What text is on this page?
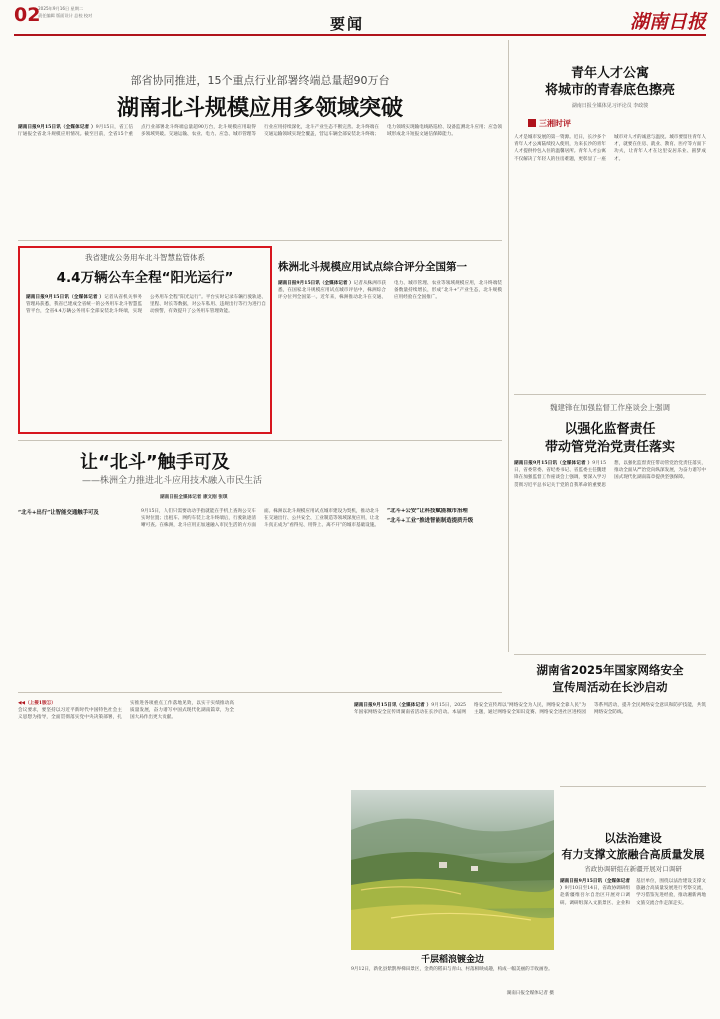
02
2025年9月16日 星期二
责任编辑 版面设计 总校 校对	要闻	湖南日报
部省协同推进，15个重点行业部署终端总量超90万台
湖南北斗规模应用多领域突破
湖南日报9月15日讯（全媒体记者 ）9月15日，省工信厅通报全省北斗规模应用情况。截至目前，全省15个重点行业部署北斗终端总量超90万台，北斗规模应用取得多领域突破。交通运输、农业、电力、应急、城市管理等行业应用持续深化，北斗产业生态不断完善。北斗终端在交通运输领域实现全覆盖，营运车辆全部安装北斗终端；电力领域实现输电线路巡检、设备监测北斗应用；应急领域形成北斗短报文通信保障能力。
我省建成公务用车北斗智慧监管体系
4.4万辆公车全程“阳光运行”
湖南日报9月15日讯（全媒体记者 ）记者从省机关事务管理局获悉，我省已建成全省统一的公务用车北斗智慧监管平台，全省4.4万辆公务用车全部安装北斗终端，实现公务用车全程“阳光运行”。平台实时记录车辆行驶轨迹、里程、时长等数据，对公车私用、违规出行等行为进行自动预警，有效提升了公务用车管理效能。
株洲北斗规模应用试点综合评分全国第一
湖南日报9月15日讯（全媒体记者 ）记者从株洲市获悉，在国家北斗规模应用试点城市评估中，株洲综合评分位列全国第一。近年来，株洲推动北斗在交通、电力、城市管理、农业等领域规模应用，北斗终端装备数量持续增长，形成“北斗+”产业生态，北斗规模应用经验在全国推广。
让“北斗”触手可及
——株洲全力推进北斗应用技术融入市民生活
湖南日报全媒体记者 康文刚 张琪
“北斗+出行”让智能交通触手可及	9月15日，人们只需要动动手指就能在手机上查询公交车实时位置；出租车、网约车装上北斗终端后，行驶轨迹清晰可查。在株洲，北斗应用正加速融入市民生活的方方面面。株洲以北斗规模应用试点城市建设为契机，推动北斗在交通出行、公共安全、工业制造等领域深度应用，让北斗真正成为“看得见、用得上、离不开”的城市基础设施。
“北斗+公安”让科技赋能城市治理
“北斗+工业”推进智能制造提质升级
青年人才公寓
将城市的青春底色擦亮
湖南日报全媒体见习评论员 李政骏
三湘时评
人才是城市发展的第一资源。近日，长沙多个青年人才公寓陆续投入使用，为来长沙的青年人才提供拎包入住的温馨居所。青年人才公寓不仅解决了年轻人的住房难题，更彰显了一座城市对人才的诚意与温度。城市要留住青年人才，就要在住房、就业、教育、医疗等方面下功夫，让青年人才在这里安居乐业、圆梦成才。
魏建锋在加强监督工作座谈会上强调
以强化监督责任
带动管党治党责任落实
湖南日报9月15日讯（全媒体记者 ）9月15日，省委常委、省纪委书记、省监委主任魏建锋在加强监督工作座谈会上强调，要深入学习贯彻习近平总书记关于党的自我革命的重要思想，以强化监督责任带动管党治党责任落实，推动全面从严治党向纵深发展，为奋力谱写中国式现代化湖南篇章提供坚强保障。
湖南省2025年国家网络安全
宣传周活动在长沙启动
湖南日报9月15日讯（全媒体记者 ）9月15日，2025年国家网络安全宣传周湖南省活动在长沙启动。本届网络安全宣传周以“网络安全为人民，网络安全靠人民”为主题，通过网络安全知识竞赛、网络安全进社区进校园等系列活动，提升全民网络安全意识和防护技能，共筑网络安全防线。
以法治建设
有力支撑文旅融合高质量发展
省政协调研组在新疆开展对口调研
湖南日报9月15日讯（全媒体记者 ）9月10日至14日，省政协调研组赴新疆维吾尔自治区开展对口调研。调研组深入文旅景区、企业和基层单位，围绕以法治建设支撑文旅融合高质量发展进行考察交流，学习借鉴先进经验，推动湘新两地文旅交流合作走深走实。
◀◀（上接1版①）
会议要求，要坚持以习近平新时代中国特色社会主义思想为指导，全面贯彻落实党中央决策部署，扎实推进各项重点工作落地见效，以实干实绩推动高质量发展，奋力谱写中国式现代化湖南篇章，为全国大局作出更大贡献。
千层稻浪镀金边
9月12日，新化县紫鹊界梯田景区，金黄的稻田与青山、村落相映成趣，构成一幅美丽的丰收画卷。
湖南日报全媒体记者 摄
